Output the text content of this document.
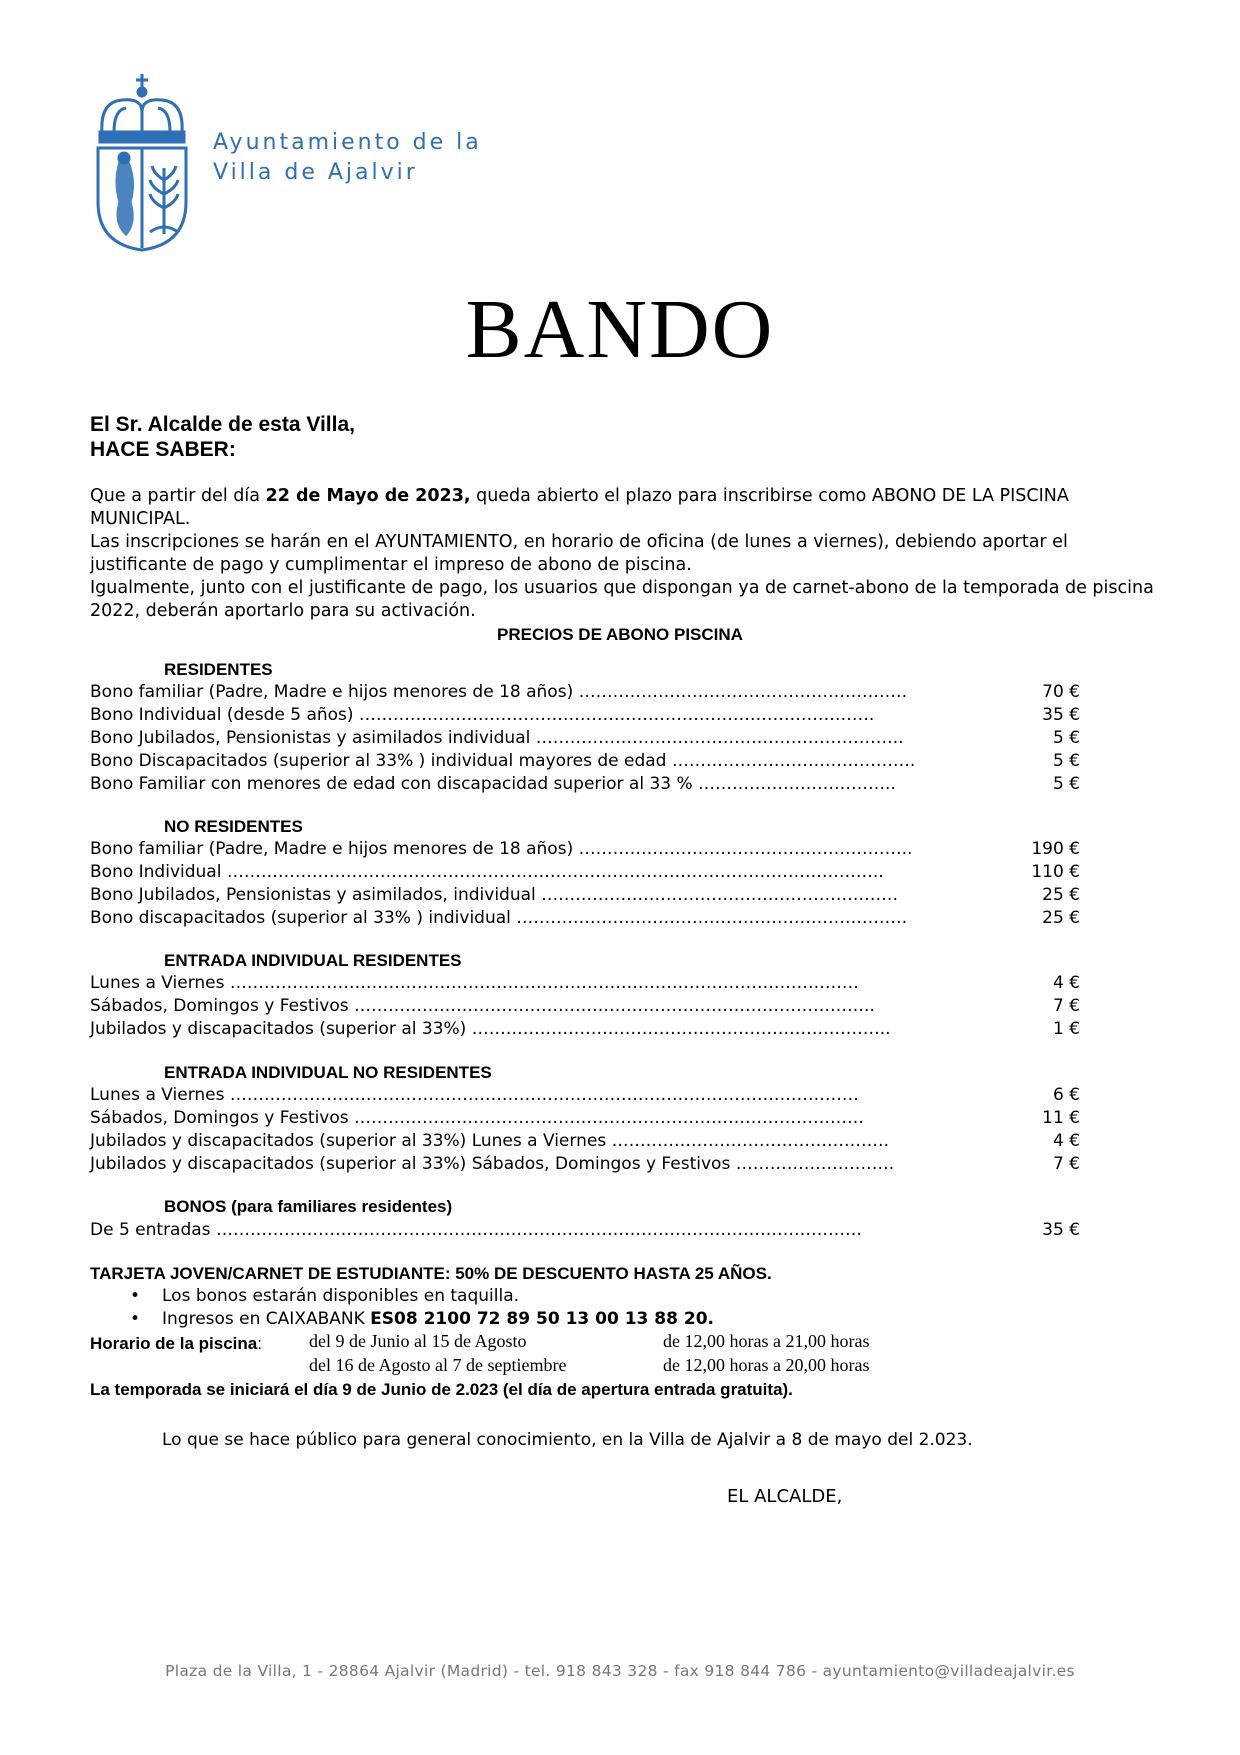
Ayuntamiento de la
Villa de Ajalvir
BANDO
El Sr. Alcalde de esta Villa,
HACE SABER:

Que a partir del día 22 de Mayo de 2023, queda abierto el plazo para inscribirse como ABONO DE LA PISCINA MUNICIPAL.

Las inscripciones se harán en el AYUNTAMIENTO, en horario de oficina (de lunes a viernes), debiendo aportar el justificante de pago y cumplimentar el impreso de abono de piscina.

Igualmente, junto con el justificante de pago, los usuarios que dispongan ya de carnet-abono de la temporada de piscina 2022, deberán aportarlo para su activación.

PRECIOS DE ABONO PISCINA
RESIDENTES
Bono familiar (Padre, Madre e hijos menores de 18 años) ………………………………………………….	70 €
Bono Individual (desde 5 años) ……………………………………………………………………………….	35 €
Bono Jubilados, Pensionistas y asimilados individual ………………………………………………………..	5 €
Bono Discapacitados (superior al 33% ) individual mayores de edad …………………………………….	5 €
Bono Familiar con menores de edad con discapacidad superior al 33 % ……………………………..	5 €
NO RESIDENTES
Bono familiar (Padre, Madre e hijos menores de 18 años) …………………………………………………..	190 €
Bono Individual ……………………………………………………………………………………………………..	110 €
Bono Jubilados, Pensionistas y asimilados, individual ………………………………………………………	25 €
Bono discapacitados (superior al 33% ) individual ……………………………………………………………	25 €
ENTRADA INDIVIDUAL RESIDENTES
Lunes a Viernes …………………………………………………………………………………………………	4 €
Sábados, Domingos y Festivos ………………………………………………………………………………..	7 €
Jubilados y discapacitados (superior al 33%) ………………………………………………………………..	1 €
ENTRADA INDIVIDUAL NO RESIDENTES
Lunes a Viernes …………………………………………………………………………………………………	6 €
Sábados, Domingos y Festivos ………………………………………………………………………………	11 €
Jubilados y discapacitados (superior al 33%) Lunes a Viernes ………………………………………….	4 €
Jubilados y discapacitados (superior al 33%) Sábados, Domingos y Festivos ……………………….	7 €
BONOS (para familiares residentes)
De 5 entradas ……………………………………………………………………………………………………	35 €
TARJETA JOVEN/CARNET DE ESTUDIANTE: 50% DE DESCUENTO HASTA 25 AÑOS.
• Los bonos estarán disponibles en taquilla.
• Ingresos en CAIXABANK ES08 2100 72 89 50 13 00 13 88 20.
Horario de la piscina:	del 9 de Junio al 15 de Agosto	de 12,00 horas a 21,00 horas
del 16 de Agosto al 7 de septiembre	de 12,00 horas a 20,00 horas
La temporada se iniciará el día 9 de Junio de 2.023 (el día de apertura entrada gratuita).
Lo que se hace público para general conocimiento, en la Villa de Ajalvir a 8 de mayo del 2.023.
EL ALCALDE,
Plaza de la Villa, 1 - 28864 Ajalvir (Madrid) - tel. 918 843 328 - fax 918 844 786 - ayuntamiento@villadeajalvir.es
